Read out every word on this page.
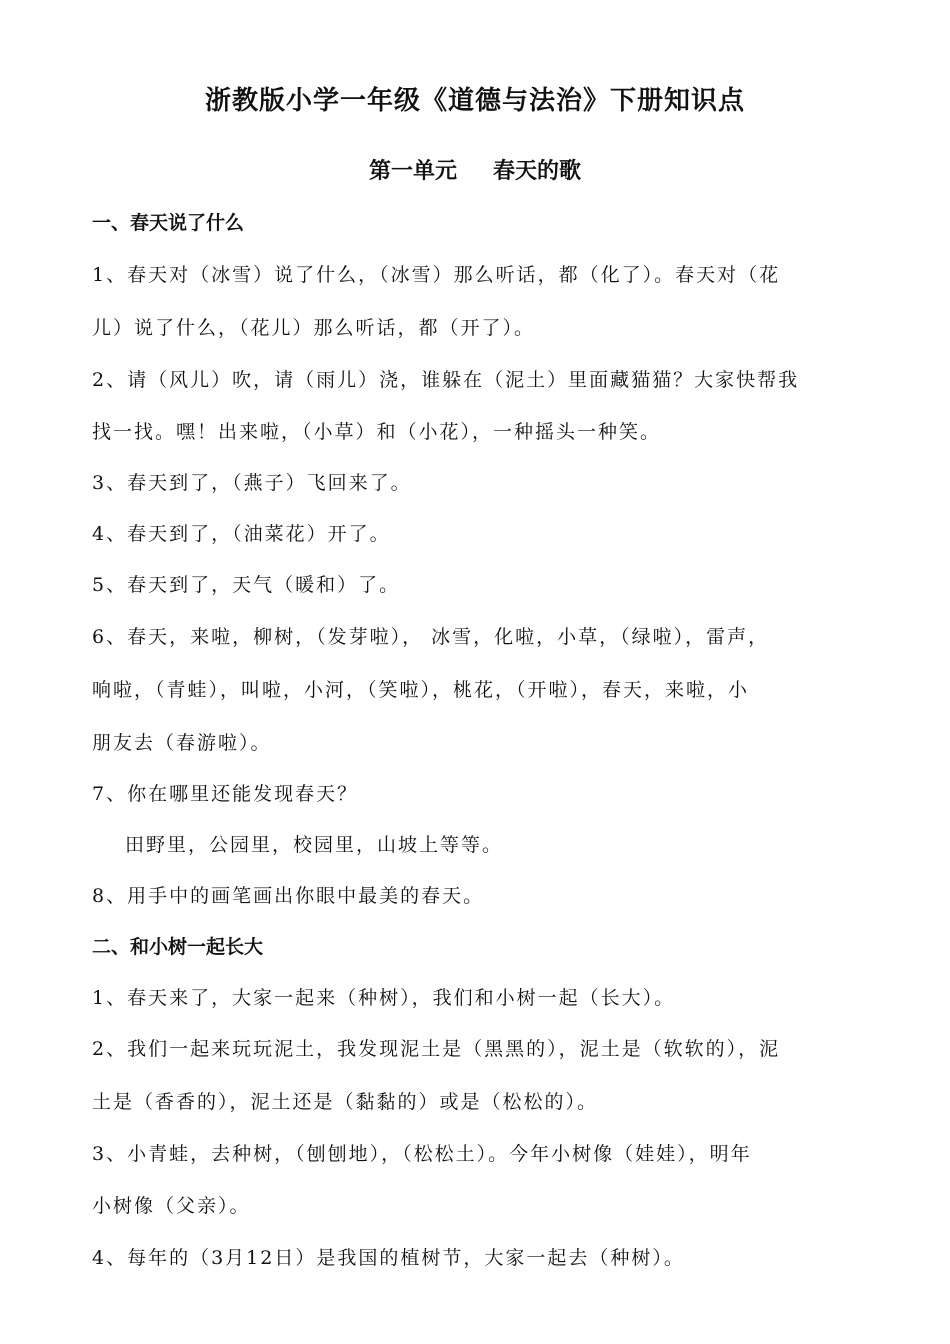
浙教版小学一年级《道德与法治》下册知识点
第一单元 春天的歌
一、春天说了什么
1、春天对（冰雪）说了什么，（冰雪）那么听话，都（化了）。春天对（花
儿）说了什么，（花儿）那么听话，都（开了）。
2、请（风儿）吹，请（雨儿）浇，谁躲在（泥土）里面藏猫猫？大家快帮我
找一找。嘿！出来啦，（小草）和（小花），一种摇头一种笑。
3、春天到了，（燕子）飞回来了。
4、春天到了，（油菜花）开了。
5、春天到了，天气（暖和）了。
6、春天，来啦，柳树，（发芽啦）， 冰雪，化啦，小草，（绿啦），雷声，
响啦，（青蛙），叫啦，小河，（笑啦），桃花，（开啦），春天，来啦，小
朋友去（春游啦）。
7、你在哪里还能发现春天？
田野里，公园里，校园里，山坡上等等。
8、用手中的画笔画出你眼中最美的春天。
二、和小树一起长大
1、春天来了，大家一起来（种树），我们和小树一起（长大）。
2、我们一起来玩玩泥土，我发现泥土是（黑黑的），泥土是（软软的），泥
土是（香香的），泥土还是（黏黏的）或是（松松的）。
3、小青蛙，去种树，（刨刨地），（松松土）。今年小树像（娃娃），明年
小树像（父亲）。
4、每年的（3月12日）是我国的植树节，大家一起去（种树）。
